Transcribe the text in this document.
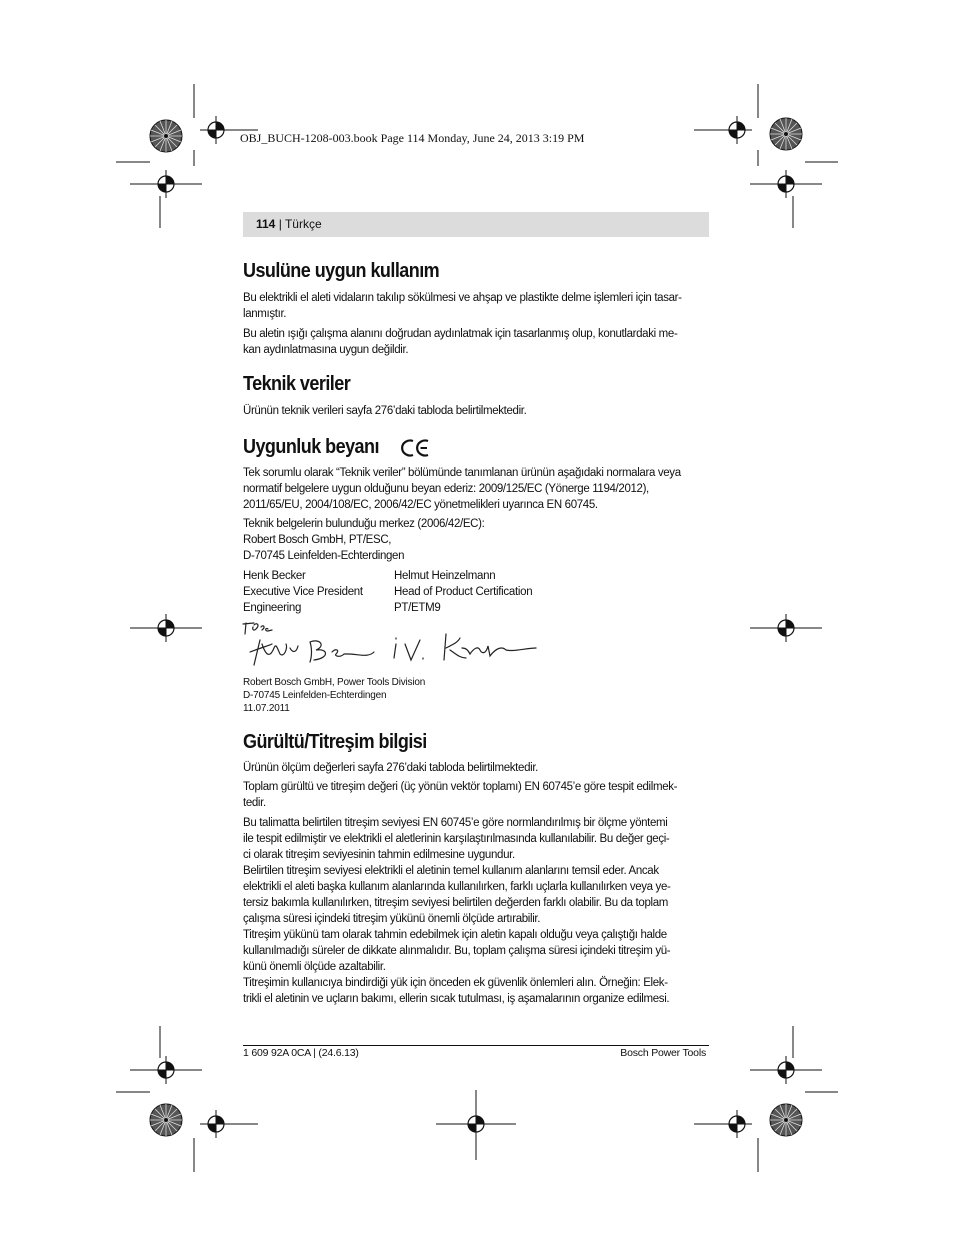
OBJ_BUCH-1208-003.book Page 114 Monday, June 24, 2013 3:19 PM
114 | Türkçe
Usulüne uygun kullanım
Bu elektrikli el aleti vidaların takılıp sökülmesi ve ahşap ve plastikte delme işlemleri için tasar-
lanmıştır.
Bu aletin ışığı çalışma alanını doğrudan aydınlatmak için tasarlanmış olup, konutlardaki me-
kan aydınlatmasına uygun değildir.
Teknik veriler
Ürünün teknik verileri sayfa 276’daki tabloda belirtilmektedir.
Uygunluk beyanı
Tek sorumlu olarak “Teknik veriler” bölümünde tanımlanan ürünün aşağıdaki normalara veya
normatif belgelere uygun olduğunu beyan ederiz: 2009/125/EC (Yönerge 1194/2012),
2011/65/EU, 2004/108/EC, 2006/42/EC yönetmelikleri uyarınca EN 60745.
Teknik belgelerin bulunduğu merkez (2006/42/EC):
Robert Bosch GmbH, PT/ESC,
D-70745 Leinfelden-Echterdingen
Henk Becker
Executive Vice President
Engineering
Helmut Heinzelmann
Head of Product Certification
PT/ETM9
Robert Bosch GmbH, Power Tools Division
D-70745 Leinfelden-Echterdingen
11.07.2011
Gürültü/Titreşim bilgisi
Ürünün ölçüm değerleri sayfa 276’daki tabloda belirtilmektedir.
Toplam gürültü ve titreşim değeri (üç yönün vektör toplamı) EN 60745’e göre tespit edilmek-
tedir.
Bu talimatta belirtilen titreşim seviyesi EN 60745’e göre normlandırılmış bir ölçme yöntemi
ile tespit edilmiştir ve elektrikli el aletlerinin karşılaştırılmasında kullanılabilir. Bu değer geçi-
ci olarak titreşim seviyesinin tahmin edilmesine uygundur.
Belirtilen titreşim seviyesi elektrikli el aletinin temel kullanım alanlarını temsil eder. Ancak
elektrikli el aleti başka kullanım alanlarında kullanılırken, farklı uçlarla kullanılırken veya ye-
tersiz bakımla kullanılırken, titreşim seviyesi belirtilen değerden farklı olabilir. Bu da toplam
çalışma süresi içindeki titreşim yükünü önemli ölçüde artırabilir.
Titreşim yükünü tam olarak tahmin edebilmek için aletin kapalı olduğu veya çalıştığı halde
kullanılmadığı süreler de dikkate alınmalıdır. Bu, toplam çalışma süresi içindeki titreşim yü-
künü önemli ölçüde azaltabilir.
Titreşimin kullanıcıya bindirdiği yük için önceden ek güvenlik önlemleri alın. Örneğin: Elek-
trikli el aletinin ve uçların bakımı, ellerin sıcak tutulması, iş aşamalarının organize edilmesi.
1 609 92A 0CA | (24.6.13)	Bosch Power Tools
